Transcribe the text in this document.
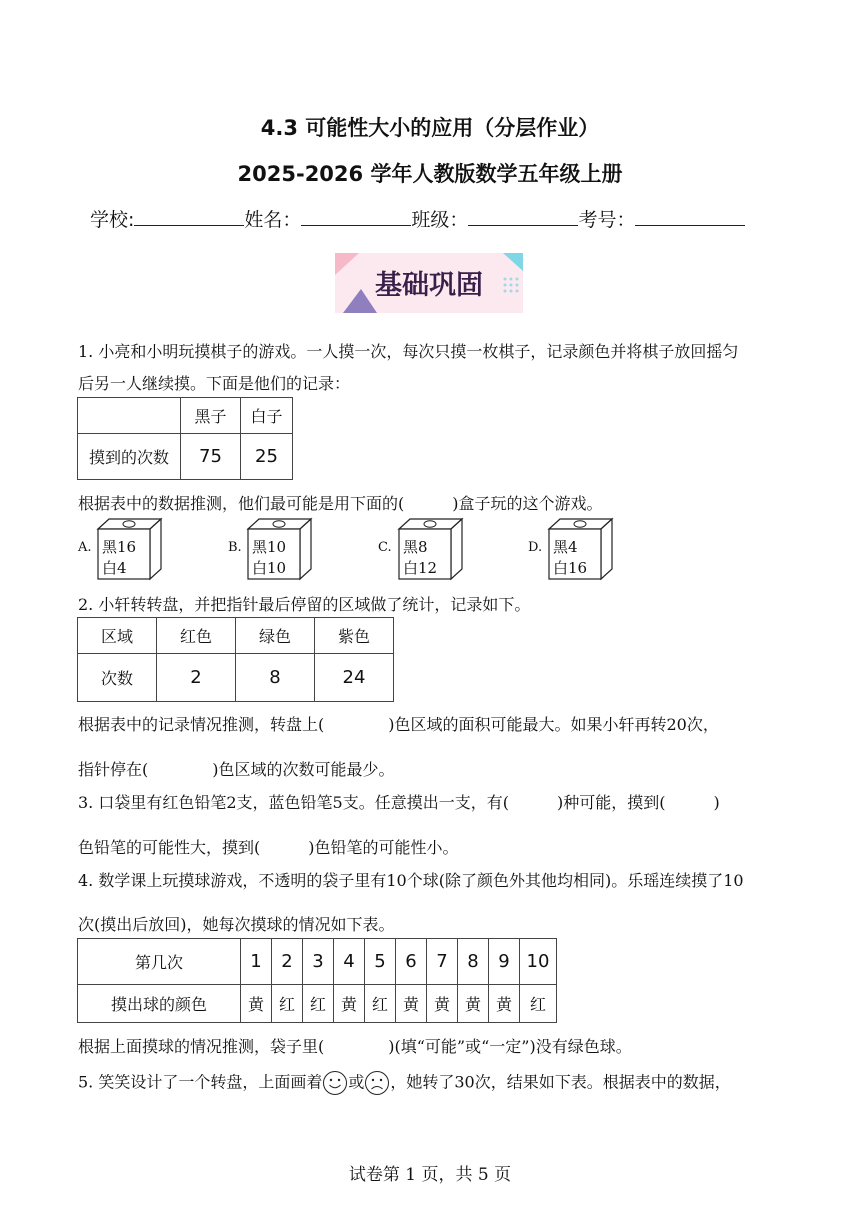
4.3 可能性大小的应用（分层作业）
2025-2026 学年人教版数学五年级上册
学校:	姓名：	班级：	考号：
基础巩固
1. 小亮和小明玩摸棋子的游戏。一人摸一次，每次只摸一枚棋子，记录颜色并将棋子放回摇匀
后另一人继续摸。下面是他们的记录：
	黑子	白子
摸到的次数	75	25
根据表中的数据推测，他们最可能是用下面的(　　　)盒子玩的这个游戏。
A. 黑16
白4
B. 黑10
白10
C. 黑8
白12
D. 黑4
白16
2. 小轩转转盘，并把指针最后停留的区域做了统计，记录如下。
区域	红色	绿色	紫色
次数	2	8	24
根据表中的记录情况推测，转盘上(　　　　)色区域的面积可能最大。如果小轩再转20次，
指针停在(　　　　)色区域的次数可能最少。
3. 口袋里有红色铅笔2支，蓝色铅笔5支。任意摸出一支，有(　　　)种可能，摸到(　　　)
色铅笔的可能性大，摸到(　　　)色铅笔的可能性小。
4. 数学课上玩摸球游戏，不透明的袋子里有10个球(除了颜色外其他均相同)。乐瑶连续摸了10
次(摸出后放回)，她每次摸球的情况如下表。
第几次	1	2	3	4	5	6	7	8	9	10
摸出球的颜色	黄	红	红	黄	红	黄	黄	黄	黄	红
根据上面摸球的情况推测，袋子里(　　　　)(填“可能”或“一定”)没有绿色球。
5. 笑笑设计了一个转盘，上面画着 或 ，她转了30次，结果如下表。根据表中的数据，
试卷第 1 页，共 5 页
